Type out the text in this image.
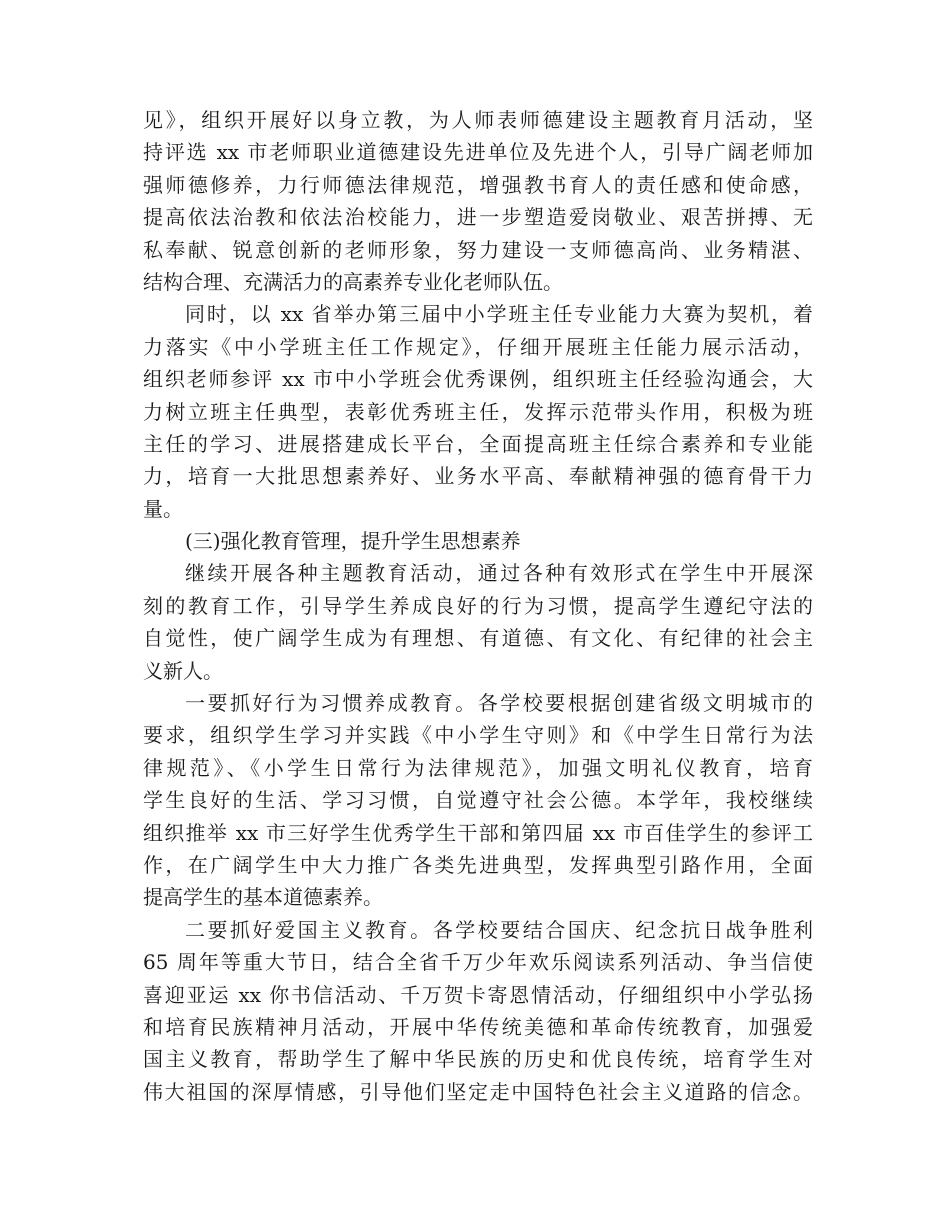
见》，组织开展好以身立教，为人师表师德建设主题教育月活动，坚
持评选 xx 市老师职业道德建设先进单位及先进个人，引导广阔老师加
强师德修养，力行师德法律规范，增强教书育人的责任感和使命感，
提高依法治教和依法治校能力，进一步塑造爱岗敬业、艰苦拼搏、无
私奉献、锐意创新的老师形象，努力建设一支师德高尚、业务精湛、
结构合理、充满活力的高素养专业化老师队伍。
同时，以 xx 省举办第三届中小学班主任专业能力大赛为契机，着
力落实《中小学班主任工作规定》，仔细开展班主任能力展示活动，
组织老师参评 xx 市中小学班会优秀课例，组织班主任经验沟通会，大
力树立班主任典型，表彰优秀班主任，发挥示范带头作用，积极为班
主任的学习、进展搭建成长平台，全面提高班主任综合素养和专业能
力，培育一大批思想素养好、业务水平高、奉献精神强的德育骨干力
量。
(三)强化教育管理，提升学生思想素养
继续开展各种主题教育活动，通过各种有效形式在学生中开展深
刻的教育工作，引导学生养成良好的行为习惯，提高学生遵纪守法的
自觉性，使广阔学生成为有理想、有道德、有文化、有纪律的社会主
义新人。
一要抓好行为习惯养成教育。各学校要根据创建省级文明城市的
要求，组织学生学习并实践《中小学生守则》和《中学生日常行为法
律规范》、《小学生日常行为法律规范》，加强文明礼仪教育，培育
学生良好的生活、学习习惯，自觉遵守社会公德。本学年，我校继续
组织推举 xx 市三好学生优秀学生干部和第四届 xx 市百佳学生的参评工
作，在广阔学生中大力推广各类先进典型，发挥典型引路作用，全面
提高学生的基本道德素养。
二要抓好爱国主义教育。各学校要结合国庆、纪念抗日战争胜利
65 周年等重大节日，结合全省千万少年欢乐阅读系列活动、争当信使
喜迎亚运 xx 你书信活动、千万贺卡寄恩情活动，仔细组织中小学弘扬
和培育民族精神月活动，开展中华传统美德和革命传统教育，加强爱
国主义教育，帮助学生了解中华民族的历史和优良传统，培育学生对
伟大祖国的深厚情感，引导他们坚定走中国特色社会主义道路的信念。
